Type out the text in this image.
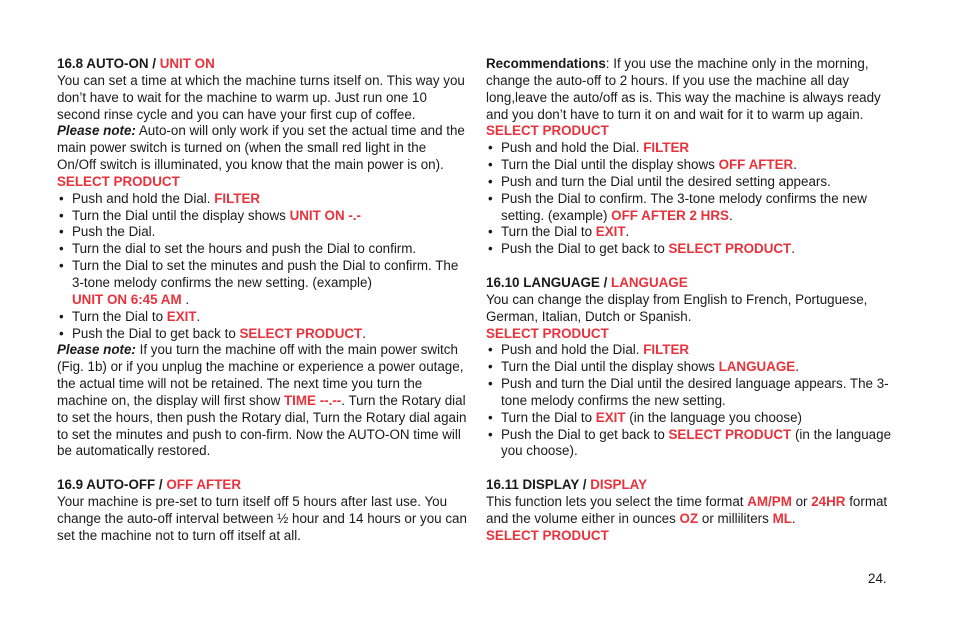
16.8 AUTO-ON / UNIT ON

You can set a time at which the machine turns itself on. This way you don’t have to wait for the machine to warm up. Just run one 10 second rinse cycle and you can have your first cup of coffee.

Please note: Auto-on will only work if you set the actual time and the main power switch is turned on (when the small red light in the On/Off switch is illuminated, you know that the main power is on).

SELECT PRODUCT

• Push and hold the Dial. FILTER
• Turn the Dial until the display shows UNIT ON -.-
• Push the Dial.
• Turn the dial to set the hours and push the Dial to confirm.
• Turn the Dial to set the minutes and push the Dial to confirm. The 3-tone melody confirms the new setting. (example)
UNIT ON 6:45 AM .
• Turn the Dial to EXIT.
• Push the Dial to get back to SELECT PRODUCT.

Please note: If you turn the machine off with the main power switch (Fig. 1b) or if you unplug the machine or experience a power outage, the actual time will not be retained. The next time you turn the machine on, the display will first show TIME --.--. Turn the Rotary dial to set the hours, then push the Rotary dial, Turn the Rotary dial again to set the minutes and push to con-firm. Now the AUTO-ON time will be automatically restored.

16.9 AUTO-OFF / OFF AFTER

Your machine is pre-set to turn itself off 5 hours after last use. You change the auto-off interval between ½ hour and 14 hours or you can set the machine not to turn off itself at all.

Recommendations: If you use the machine only in the morning, change the auto-off to 2 hours. If you use the machine all day long,leave the auto/off as is. This way the machine is always ready and you don’t have to turn it on and wait for it to warm up again.

SELECT PRODUCT

• Push and hold the Dial. FILTER
• Turn the Dial until the display shows OFF AFTER.
• Push and turn the Dial until the desired setting appears.
• Push the Dial to confirm. The 3-tone melody confirms the new setting. (example) OFF AFTER 2 HRS.
• Turn the Dial to EXIT.
• Push the Dial to get back to SELECT PRODUCT.
16.10 LANGUAGE / LANGUAGE

You can change the display from English to French, Portuguese, German, Italian, Dutch or Spanish.

SELECT PRODUCT

• Push and hold the Dial. FILTER
• Turn the Dial until the display shows LANGUAGE.
• Push and turn the Dial until the desired language appears. The 3-tone melody confirms the new setting.
• Turn the Dial to EXIT (in the language you choose)
• Push the Dial to get back to SELECT PRODUCT (in the language you choose).
16.11 DISPLAY / DISPLAY

This function lets you select the time format AM/PM or 24HR format and the volume either in ounces OZ or milliliters ML.

SELECT PRODUCT

24.
